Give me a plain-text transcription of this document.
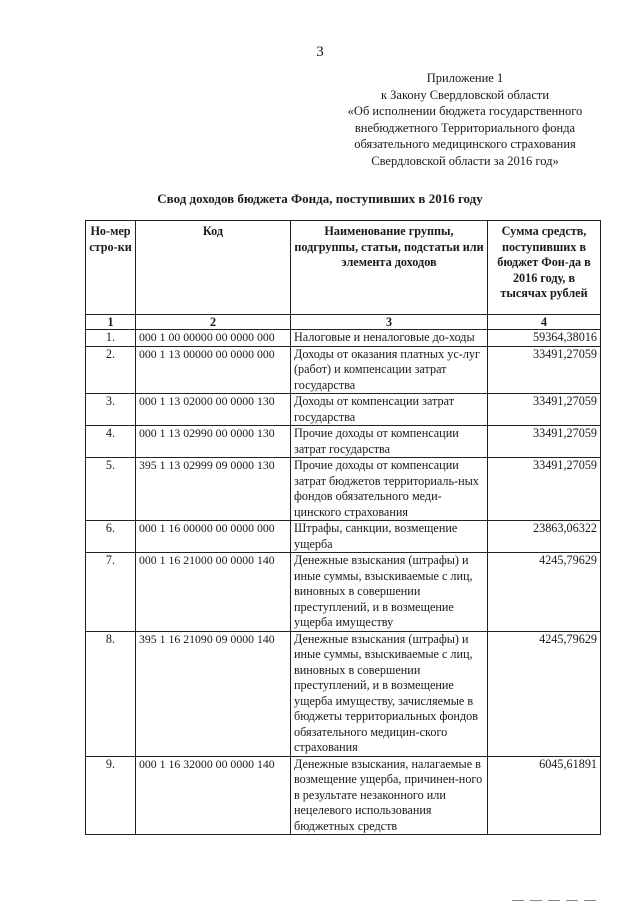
3
Приложение 1
к Закону Свердловской области
«Об исполнении бюджета государственного
внебюджетного Территориального фонда
обязательного медицинского страхования
Свердловской области за 2016 год»
Свод доходов бюджета Фонда, поступивших в 2016 году
Но-мер стро-ки	Код	Наименование группы, подгруппы, статьи, подстатьи или элемента доходов	Сумма средств, поступивших в бюджет Фон-да в 2016 году, в тысячах рублей
1	2	3	4
1.	000 1 00 00000 00 0000 000	Налоговые и неналоговые до-ходы	59364,38016
2.	000 1 13 00000 00 0000 000	Доходы от оказания платных ус-луг (работ) и компенсации затрат государства	33491,27059
3.	000 1 13 02000 00 0000 130	Доходы от компенсации затрат государства	33491,27059
4.	000 1 13 02990 00 0000 130	Прочие доходы от компенсации затрат государства	33491,27059
5.	395 1 13 02999 09 0000 130	Прочие доходы от компенсации затрат бюджетов территориаль-ных фондов обязательного меди-цинского страхования	33491,27059
6.	000 1 16 00000 00 0000 000	Штрафы, санкции, возмещение ущерба	23863,06322
7.	000 1 16 21000 00 0000 140	Денежные взыскания (штрафы) и иные суммы, взыскиваемые с лиц, виновных в совершении преступлений, и в возмещение ущерба имуществу	4245,79629
8.	395 1 16 21090 09 0000 140	Денежные взыскания (штрафы) и иные суммы, взыскиваемые с лиц, виновных в совершении преступлений, и в возмещение ущерба имуществу, зачисляемые в бюджеты территориальных фондов обязательного медицин-ского страхования	4245,79629
9.	000 1 16 32000 00 0000 140	Денежные взыскания, налагаемые в возмещение ущерба, причинен-ного в результате незаконного или нецелевого использования бюджетных средств	6045,61891
